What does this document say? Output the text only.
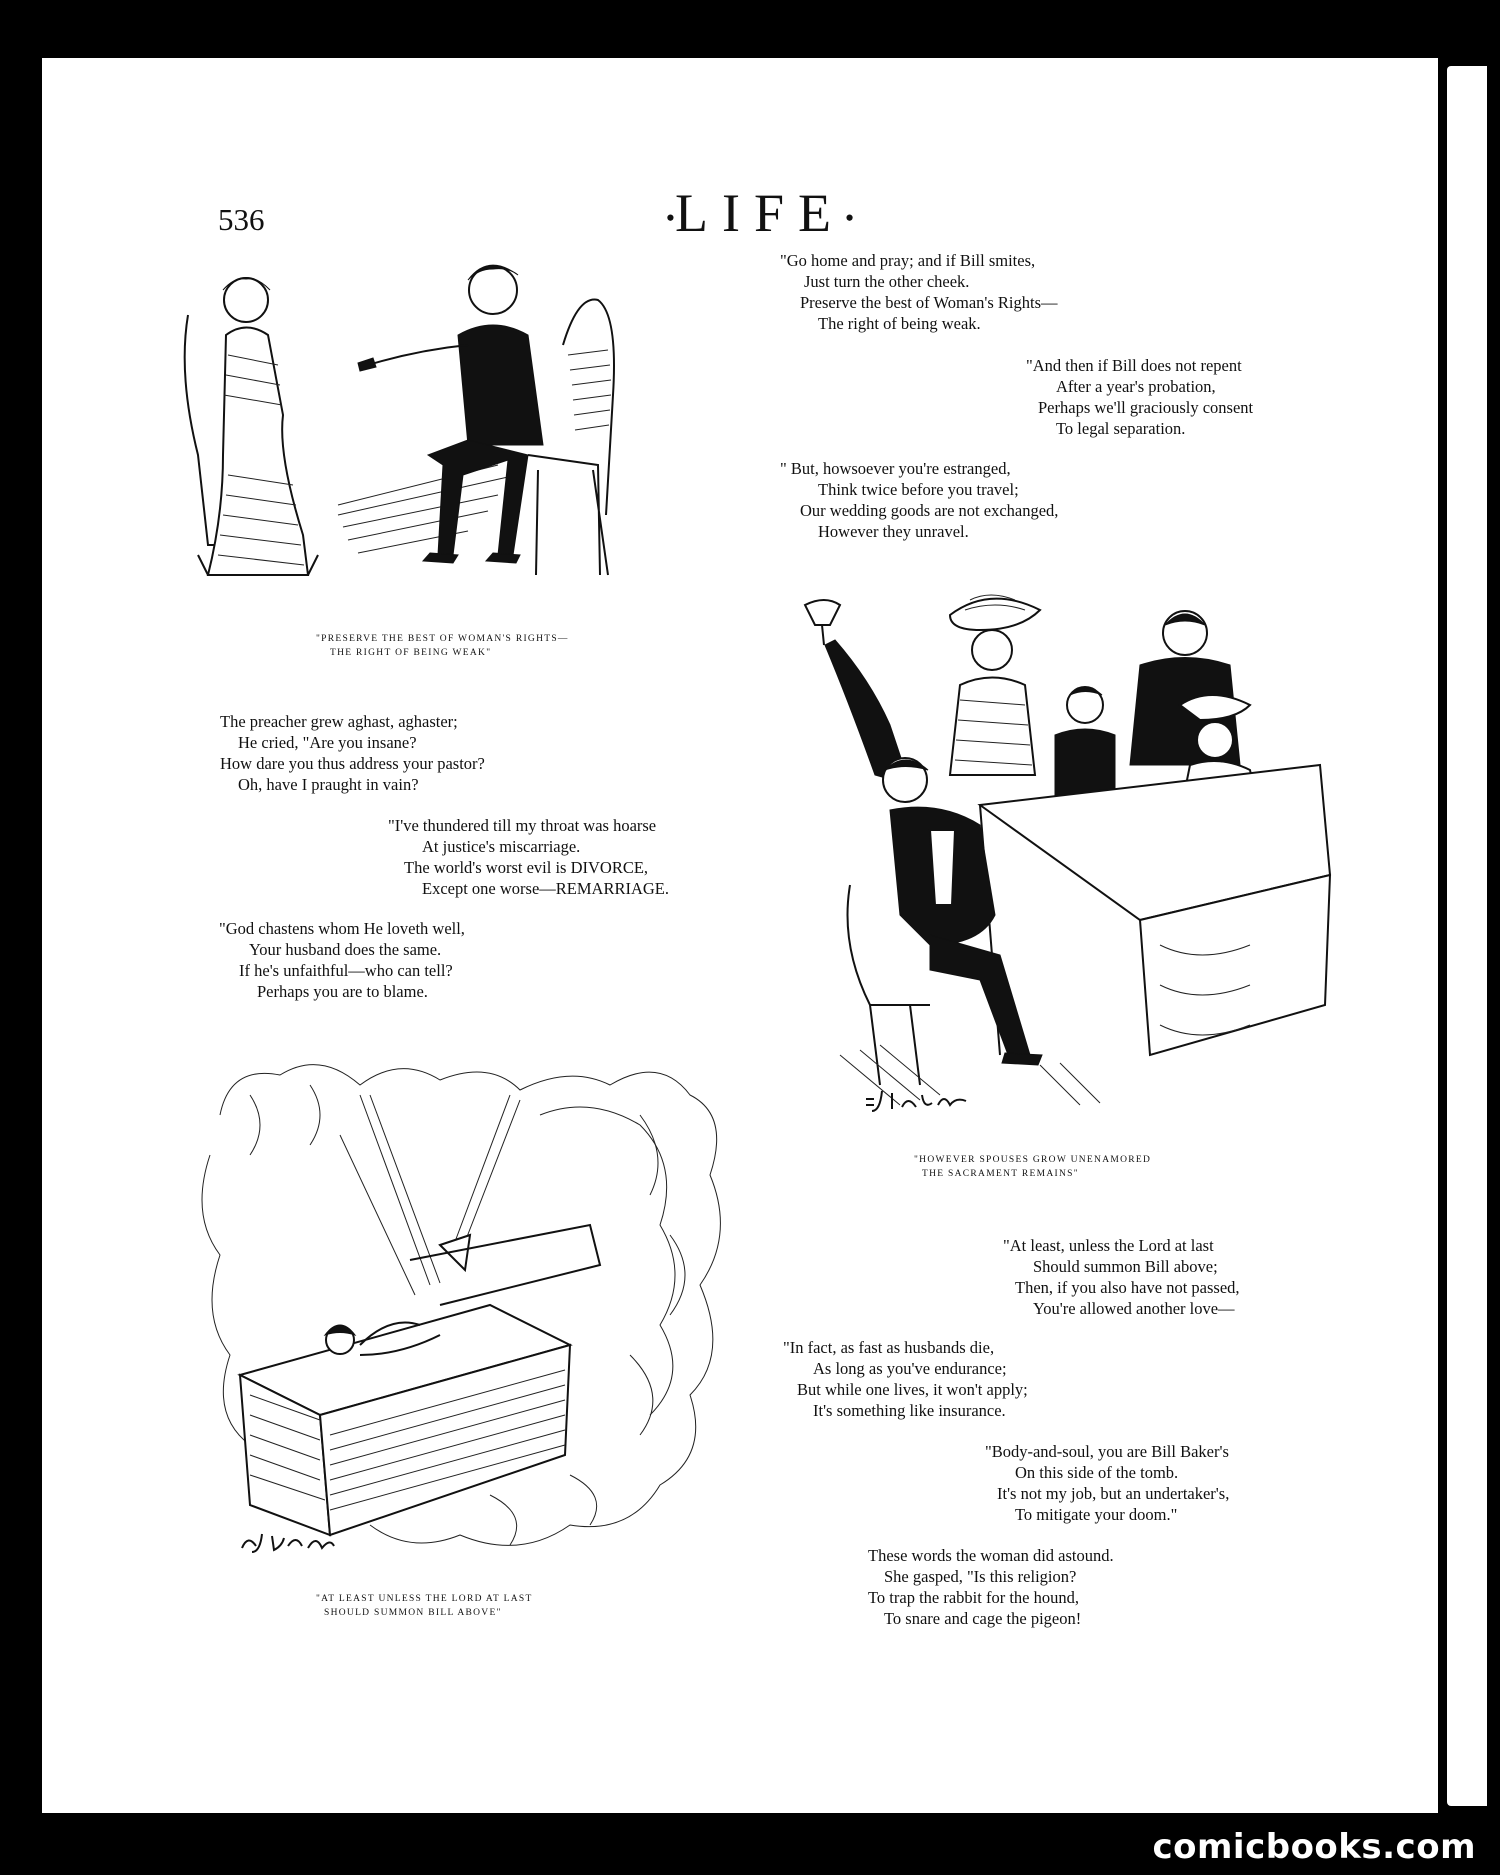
536	•LIFE•
"PRESERVE THE BEST OF WOMAN'S RIGHTS—
THE RIGHT OF BEING WEAK"
The preacher grew aghast, aghaster;
He cried, "Are you insane?
How dare you thus address your pastor?
Oh, have I praught in vain?
"I've thundered till my throat was hoarse
At justice's miscarriage.
The world's worst evil is DIVORCE,
Except one worse—REMARRIAGE.
"God chastens whom He loveth well,
Your husband does the same.
If he's unfaithful—who can tell?
Perhaps you are to blame.
"AT LEAST UNLESS THE LORD AT LAST
SHOULD SUMMON BILL ABOVE"
"Go home and pray; and if Bill smites,
Just turn the other cheek.
Preserve the best of Woman's Rights—
The right of being weak.
"And then if Bill does not repent
After a year's probation,
Perhaps we'll graciously consent
To legal separation.
" But, howsoever you're estranged,
Think twice before you travel;
Our wedding goods are not exchanged,
However they unravel.
"HOWEVER SPOUSES GROW UNENAMORED
THE SACRAMENT REMAINS"
"At least, unless the Lord at last
Should summon Bill above;
Then, if you also have not passed,
You're allowed another love—
"In fact, as fast as husbands die,
As long as you've endurance;
But while one lives, it won't apply;
It's something like insurance.
"Body-and-soul, you are Bill Baker's
On this side of the tomb.
It's not my job, but an undertaker's,
To mitigate your doom."
These words the woman did astound.
She gasped, "Is this religion?
To trap the rabbit for the hound,
To snare and cage the pigeon!
comicbooks.com
